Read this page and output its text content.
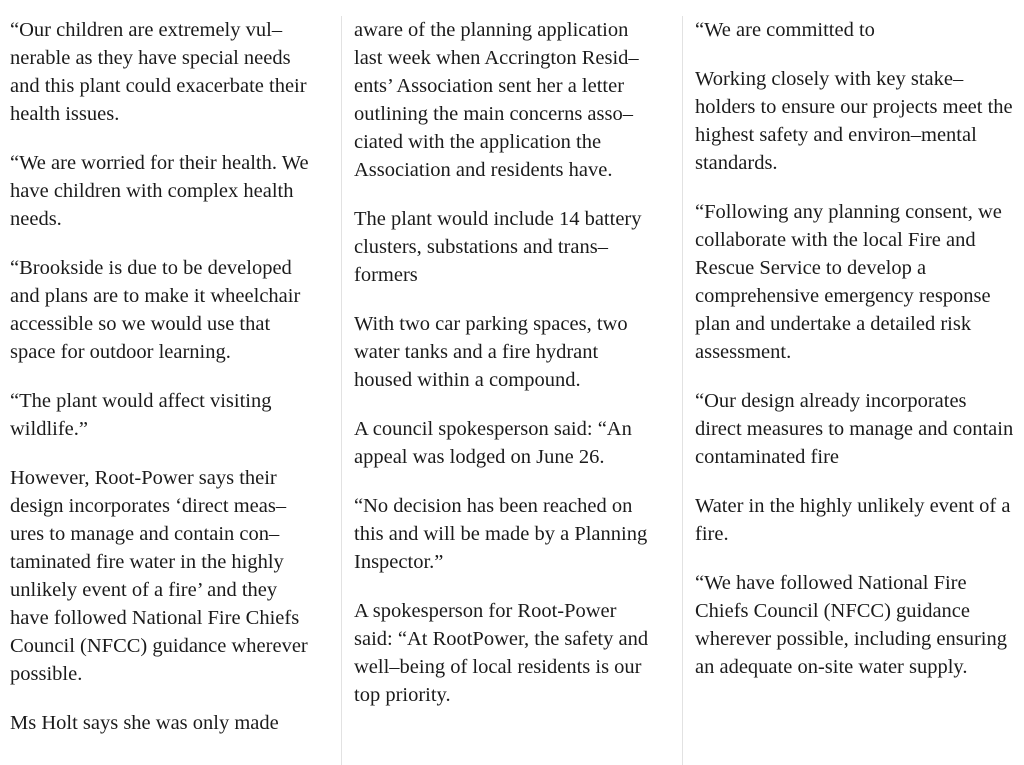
“Our children are extremely vul–nerable as they have special needs and this plant could exacerbate their health issues.

“We are worried for their health. We have children with complex health needs.

“Brookside is due to be developed and plans are to make it wheelchair accessible so we would use that space for outdoor learning.

“The plant would affect visiting wildlife.”

However, Root-Power says their design incorporates ‘direct meas–ures to manage and contain con–taminated fire water in the highly unlikely event of a fire’ and they have followed National Fire Chiefs Council (NFCC) guidance wherever possible.

Ms Holt says she was only made

aware of the planning application last week when Accrington Resid–ents’ Association sent her a letter outlining the main concerns asso–ciated with the application the Association and residents have.

The plant would include 14 battery clusters, substations and trans–formers

With two car parking spaces, two water tanks and a fire hydrant housed within a compound.

A council spokesperson said: “An appeal was lodged on June 26.

“No decision has been reached on this and will be made by a Planning Inspector.”

A spokesperson for Root-Power said: “At RootPower, the safety and well–being of local residents is our top priority.

“We are committed to

Working closely with key stake–holders to ensure our projects meet the highest safety and environ–mental standards.

“Following any planning consent, we collaborate with the local Fire and Rescue Service to develop a comprehensive emergency response plan and undertake a detailed risk assessment.

“Our design already incorporates direct measures to manage and contain contaminated fire

Water in the highly unlikely event of a fire.

“We have followed National Fire Chiefs Council (NFCC) guidance wherever possible, including ensuring an adequate on-site water supply.
